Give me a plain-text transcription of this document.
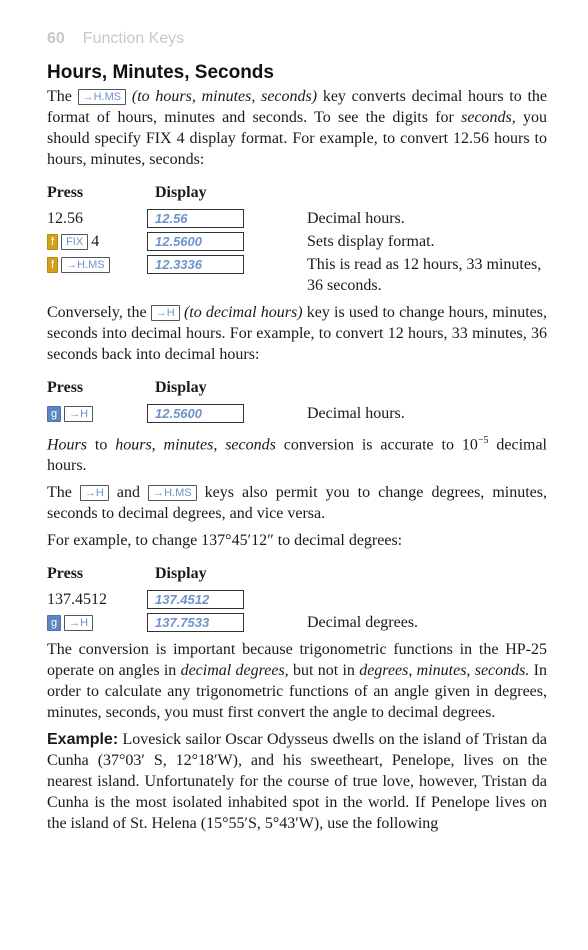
60 Function Keys
Hours, Minutes, Seconds

The →H.MS (to hours, minutes, seconds) key converts decimal hours to the format of hours, minutes and seconds. To see the digits for seconds, you should specify FIX 4 display format. For example, to convert 12.56 hours to hours, minutes, seconds:

Press	Display
12.56	12.56	Decimal hours.
f	FIX 4	12.5600	Sets display format.
f	→H.MS	12.3336	This is read as 12 hours, 33 minutes, 36 seconds.

Conversely, the →H (to decimal hours) key is used to change hours, minutes, seconds into decimal hours. For example, to convert 12 hours, 33 minutes, 36 seconds back into decimal hours:

Press	Display
g	→H	12.5600	Decimal hours.

Hours to hours, minutes, seconds conversion is accurate to $10^{-5}$ decimal hours.

The →H and →H.MS keys also permit you to change degrees, minutes, seconds to decimal degrees, and vice versa.

For example, to change 137°45′12″ to decimal degrees:

Press	Display
137.4512	137.4512
g	→H	137.7533	Decimal degrees.

The conversion is important because trigonometric functions in the HP-25 operate on angles in decimal degrees, but not in degrees, minutes, seconds. In order to calculate any trigonometric functions of an angle given in degrees, minutes, seconds, you must first convert the angle to decimal degrees.

Example: Lovesick sailor Oscar Odysseus dwells on the island of Tristan da Cunha (37°03′ S, 12°18′W), and his sweetheart, Penelope, lives on the nearest island. Unfortunately for the course of true love, however, Tristan da Cunha is the most isolated inhabited spot in the world. If Penelope lives on the island of St. Helena (15°55′S, 5°43′W), use the following
